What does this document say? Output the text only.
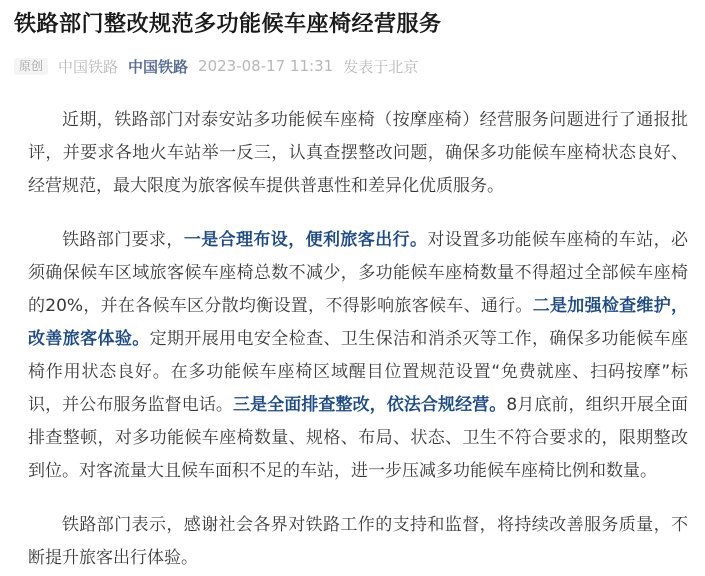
铁路部门整改规范多功能候车座椅经营服务
原创	中国铁路 中国铁路 2023-08-17 11:31 发表于北京

近期，铁路部门对泰安站多功能候车座椅（按摩座椅）经营服务问题进行了通报批评，并要求各地火车站举一反三，认真查摆整改问题，确保多功能候车座椅状态良好、经营规范，最大限度为旅客候车提供普惠性和差异化优质服务。

铁路部门要求，一是合理布设，便利旅客出行。对设置多功能候车座椅的车站，必须确保候车区域旅客候车座椅总数不减少，多功能候车座椅数量不得超过全部候车座椅的20%，并在各候车区分散均衡设置，不得影响旅客候车、通行。二是加强检查维护，改善旅客体验。定期开展用电安全检查、卫生保洁和消杀灭等工作，确保多功能候车座椅作用状态良好。在多功能候车座椅区域醒目位置规范设置“免费就座、扫码按摩”标识，并公布服务监督电话。三是全面排查整改，依法合规经营。8月底前，组织开展全面排查整顿，对多功能候车座椅数量、规格、布局、状态、卫生不符合要求的，限期整改到位。对客流量大且候车面积不足的车站，进一步压减多功能候车座椅比例和数量。

铁路部门表示，感谢社会各界对铁路工作的支持和监督，将持续改善服务质量，不断提升旅客出行体验。
